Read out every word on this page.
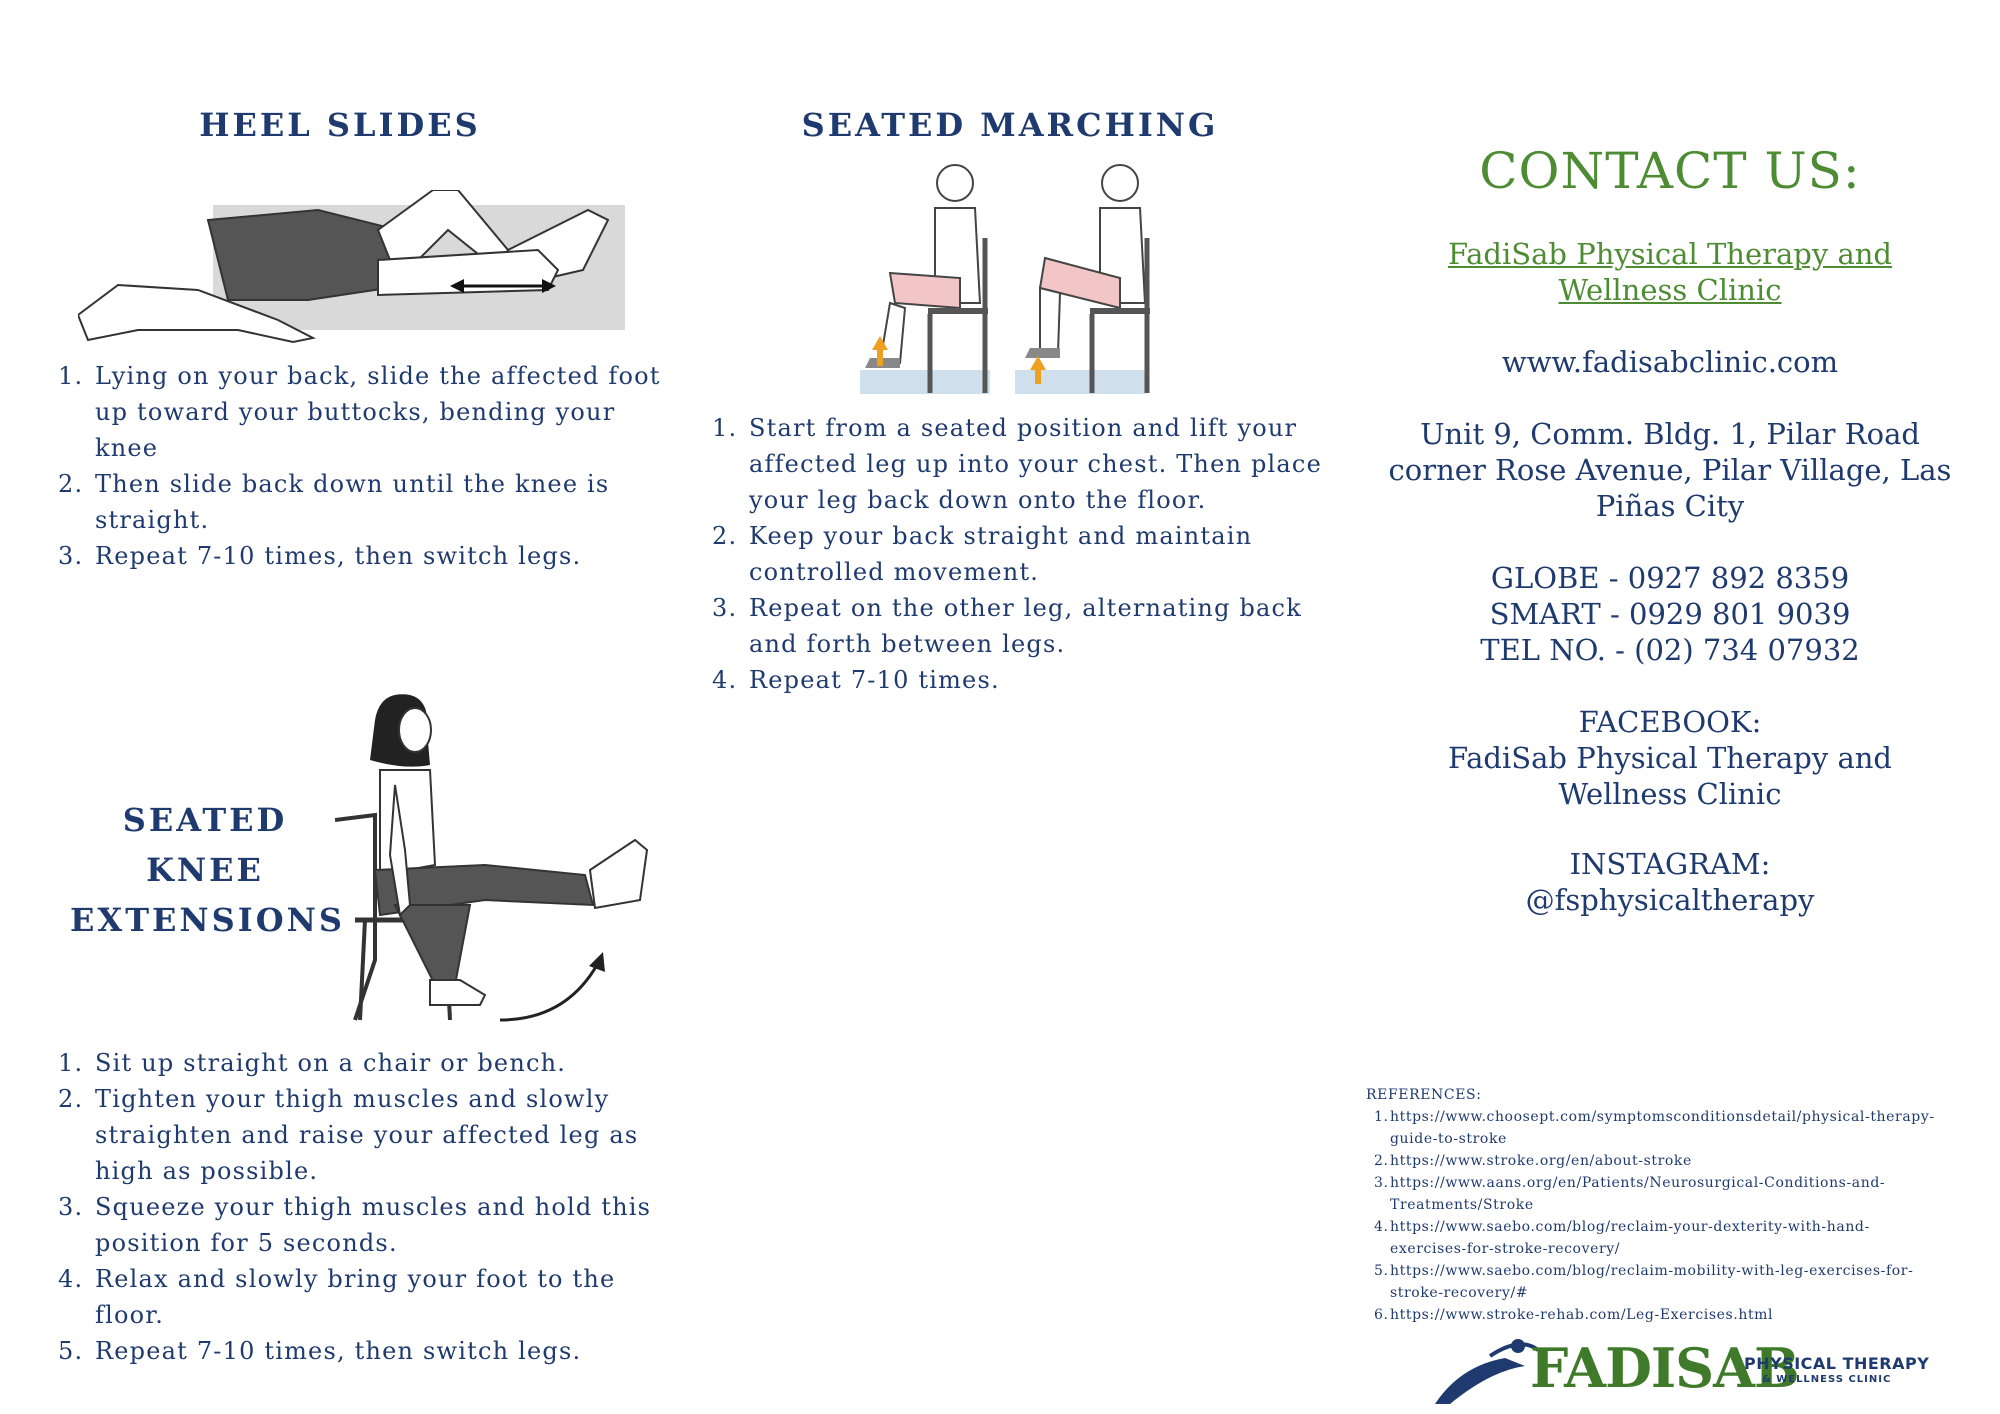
HEEL SLIDES
1. Lying on your back, slide the affected foot up toward your buttocks, bending your knee
2. Then slide back down until the knee is straight.
3. Repeat 7-10 times, then switch legs.
SEATED MARCHING
1. Start from a seated position and lift your affected leg up into your chest. Then place your leg back down onto the floor.
2. Keep your back straight and maintain controlled movement.
3. Repeat on the other leg, alternating back and forth between legs.
4. Repeat 7-10 times.
SEATED
KNEE
EXTENSIONS
1. Sit up straight on a chair or bench.
2. Tighten your thigh muscles and slowly straighten and raise your affected leg as high as possible.
3. Squeeze your thigh muscles and hold this position for 5 seconds.
4. Relax and slowly bring your foot to the floor.
5. Repeat 7-10 times, then switch legs.
CONTACT US:
FadiSab Physical Therapy and
Wellness Clinic
www.fadisabclinic.com
Unit 9, Comm. Bldg. 1, Pilar Road
corner Rose Avenue, Pilar Village, Las
Piñas City
GLOBE - 0927 892 8359
SMART - 0929 801 9039
TEL NO. - (02) 734 07932
FACEBOOK:
FadiSab Physical Therapy and
Wellness Clinic
INSTAGRAM:
@fsphysicaltherapy
REFERENCES:
1. https://www.choosept.com/symptomsconditionsdetail/physical-therapy-
guide-to-stroke
2. https://www.stroke.org/en/about-stroke
3. https://www.aans.org/en/Patients/Neurosurgical-Conditions-and-
Treatments/Stroke
4. https://www.saebo.com/blog/reclaim-your-dexterity-with-hand-
exercises-for-stroke-recovery/
5. https://www.saebo.com/blog/reclaim-mobility-with-leg-exercises-for-
stroke-recovery/#
6. https://www.stroke-rehab.com/Leg-Exercises.html
FADISAB
PHYSICAL THERAPY
& WELLNESS CLINIC
